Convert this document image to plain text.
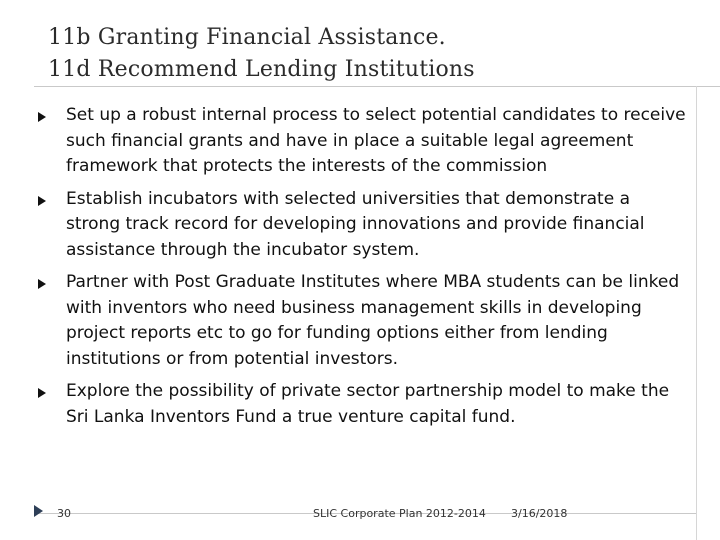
11b Granting Financial Assistance.
11d Recommend Lending Institutions
Set up a robust internal process to select potential candidates to receive such financial grants and have in place a suitable legal agreement framework that protects the interests of the commission
Establish incubators with selected universities that demonstrate a strong track record for developing innovations and provide financial assistance through the incubator system.
Partner with Post Graduate Institutes where MBA students can be linked with inventors who need business management skills in developing project reports etc to go for funding options either from lending institutions or from potential investors.
Explore the possibility of private sector partnership model to make the Sri Lanka Inventors Fund a true venture capital fund.
30	SLIC Corporate Plan 2012-2014 3/16/2018
